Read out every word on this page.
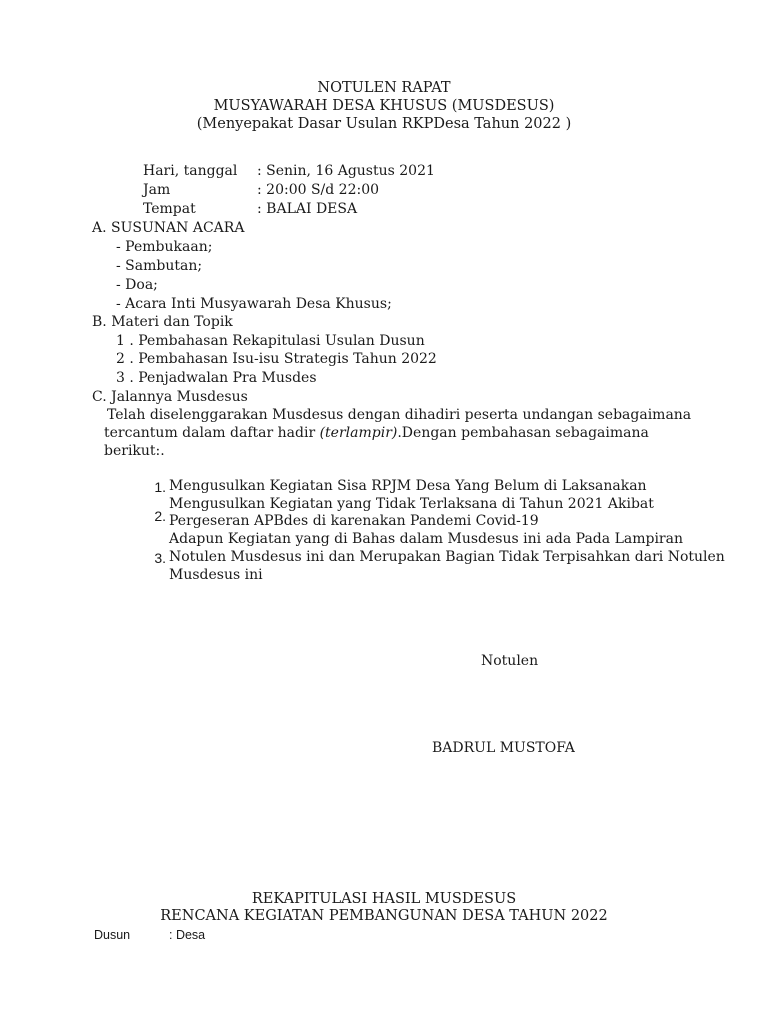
NOTULEN RAPAT
MUSYAWARAH DESA KHUSUS (MUSDESUS)
(Menyepakat Dasar Usulan RKPDesa Tahun 2022 )
Hari, tanggal : Senin, 16 Agustus 2021
Jam	: 20:00 S/d 22:00
Tempat	: BALAI DESA
A. SUSUNAN ACARA
- Pembukaan;
- Sambutan;
- Doa;
- Acara Inti Musyawarah Desa Khusus;
B. Materi dan Topik
1 . Pembahasan Rekapitulasi Usulan Dusun
2 . Pembahasan Isu-isu Strategis Tahun 2022
3 . Penjadwalan Pra Musdes
C. Jalannya Musdesus
Telah diselenggarakan Musdesus dengan dihadiri peserta undangan sebagaimana
tercantum dalam daftar hadir (terlampir).Dengan pembahasan sebagaimana
berikut:.
1. Mengusulkan Kegiatan Sisa RPJM Desa Yang Belum di Laksanakan
2.
Mengusulkan Kegiatan yang Tidak Terlaksana di Tahun 2021 Akibat
Pergeseran APBdes di karenakan Pandemi Covid-19
Adapun Kegiatan yang di Bahas dalam Musdesus ini ada Pada Lampiran
3. Notulen Musdesus ini dan Merupakan Bagian Tidak Terpisahkan dari Notulen
Musdesus ini
Notulen
BADRUL MUSTOFA
REKAPITULASI HASIL MUSDESUS
RENCANA KEGIATAN PEMBANGUNAN DESA TAHUN 2022
Dusun	: Desa
